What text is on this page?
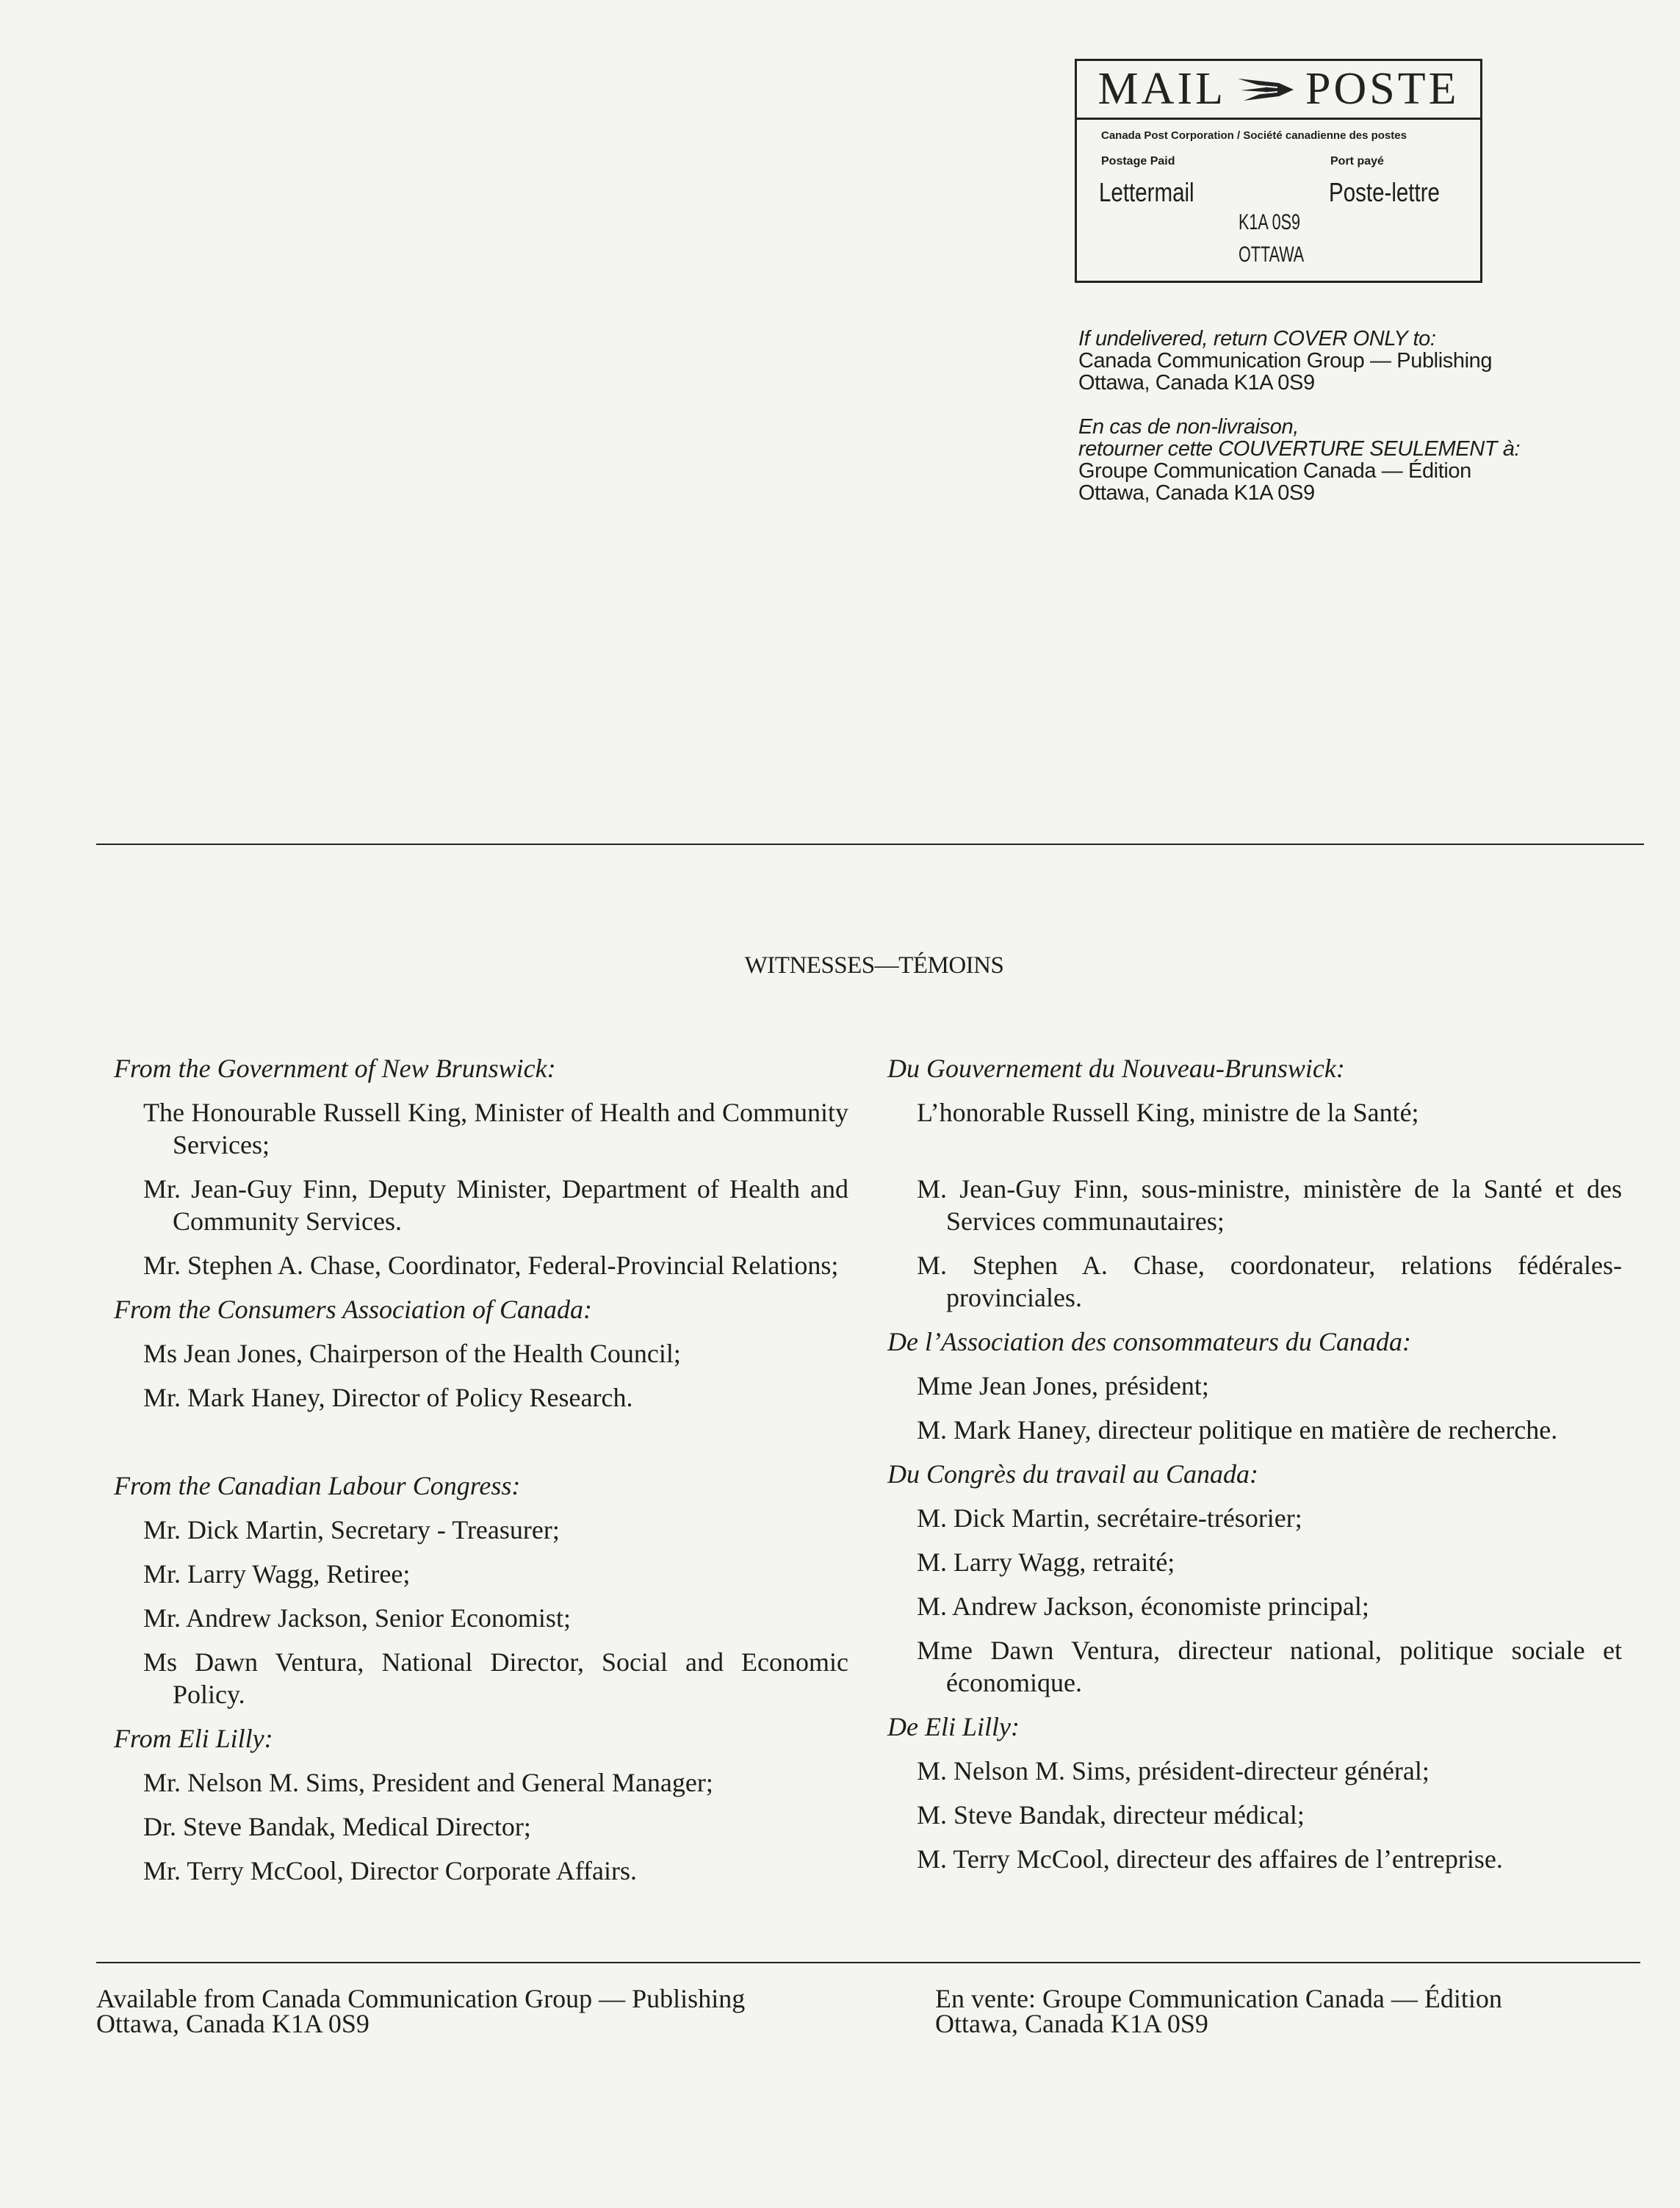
MAIL POSTE
Canada Post Corporation / Société canadienne des postes
Postage Paid	Port payé
Lettermail	Poste-lettre
K1A 0S9
OTTAWA
If undelivered, return COVER ONLY to:
Canada Communication Group — Publishing
Ottawa, Canada K1A 0S9
En cas de non-livraison,
retourner cette COUVERTURE SEULEMENT à:
Groupe Communication Canada — Édition
Ottawa, Canada K1A 0S9
WITNESSES—TÉMOINS

From the Government of New Brunswick:

The Honourable Russell King, Minister of Health and Community Services;

Mr. Jean-Guy Finn, Deputy Minister, Department of Health and Community Services.

Mr. Stephen A. Chase, Coordinator, Federal-Provincial Relations;

From the Consumers Association of Canada:

Ms Jean Jones, Chairperson of the Health Council;

Mr. Mark Haney, Director of Policy Research.

From the Canadian Labour Congress:

Mr. Dick Martin, Secretary - Treasurer;

Mr. Larry Wagg, Retiree;

Mr. Andrew Jackson, Senior Economist;

Ms Dawn Ventura, National Director, Social and Economic Policy.

From Eli Lilly:

Mr. Nelson M. Sims, President and General Manager;

Dr. Steve Bandak, Medical Director;

Mr. Terry McCool, Director Corporate Affairs.

Du Gouvernement du Nouveau-Brunswick:

L’honorable Russell King, ministre de la Santé;

M. Jean-Guy Finn, sous-ministre, ministère de la Santé et des Services communautaires;

M. Stephen A. Chase, coordonateur, relations fédérales-provinciales.

De l’Association des consommateurs du Canada:

Mme Jean Jones, président;

M. Mark Haney, directeur politique en matière de recherche.

Du Congrès du travail au Canada:

M. Dick Martin, secrétaire-trésorier;

M. Larry Wagg, retraité;

M. Andrew Jackson, économiste principal;

Mme Dawn Ventura, directeur national, politique sociale et économique.

De Eli Lilly:

M. Nelson M. Sims, président-directeur général;

M. Steve Bandak, directeur médical;

M. Terry McCool, directeur des affaires de l’entreprise.

Available from Canada Communication Group — Publishing
Ottawa, Canada K1A 0S9
En vente: Groupe Communication Canada — Édition
Ottawa, Canada K1A 0S9
